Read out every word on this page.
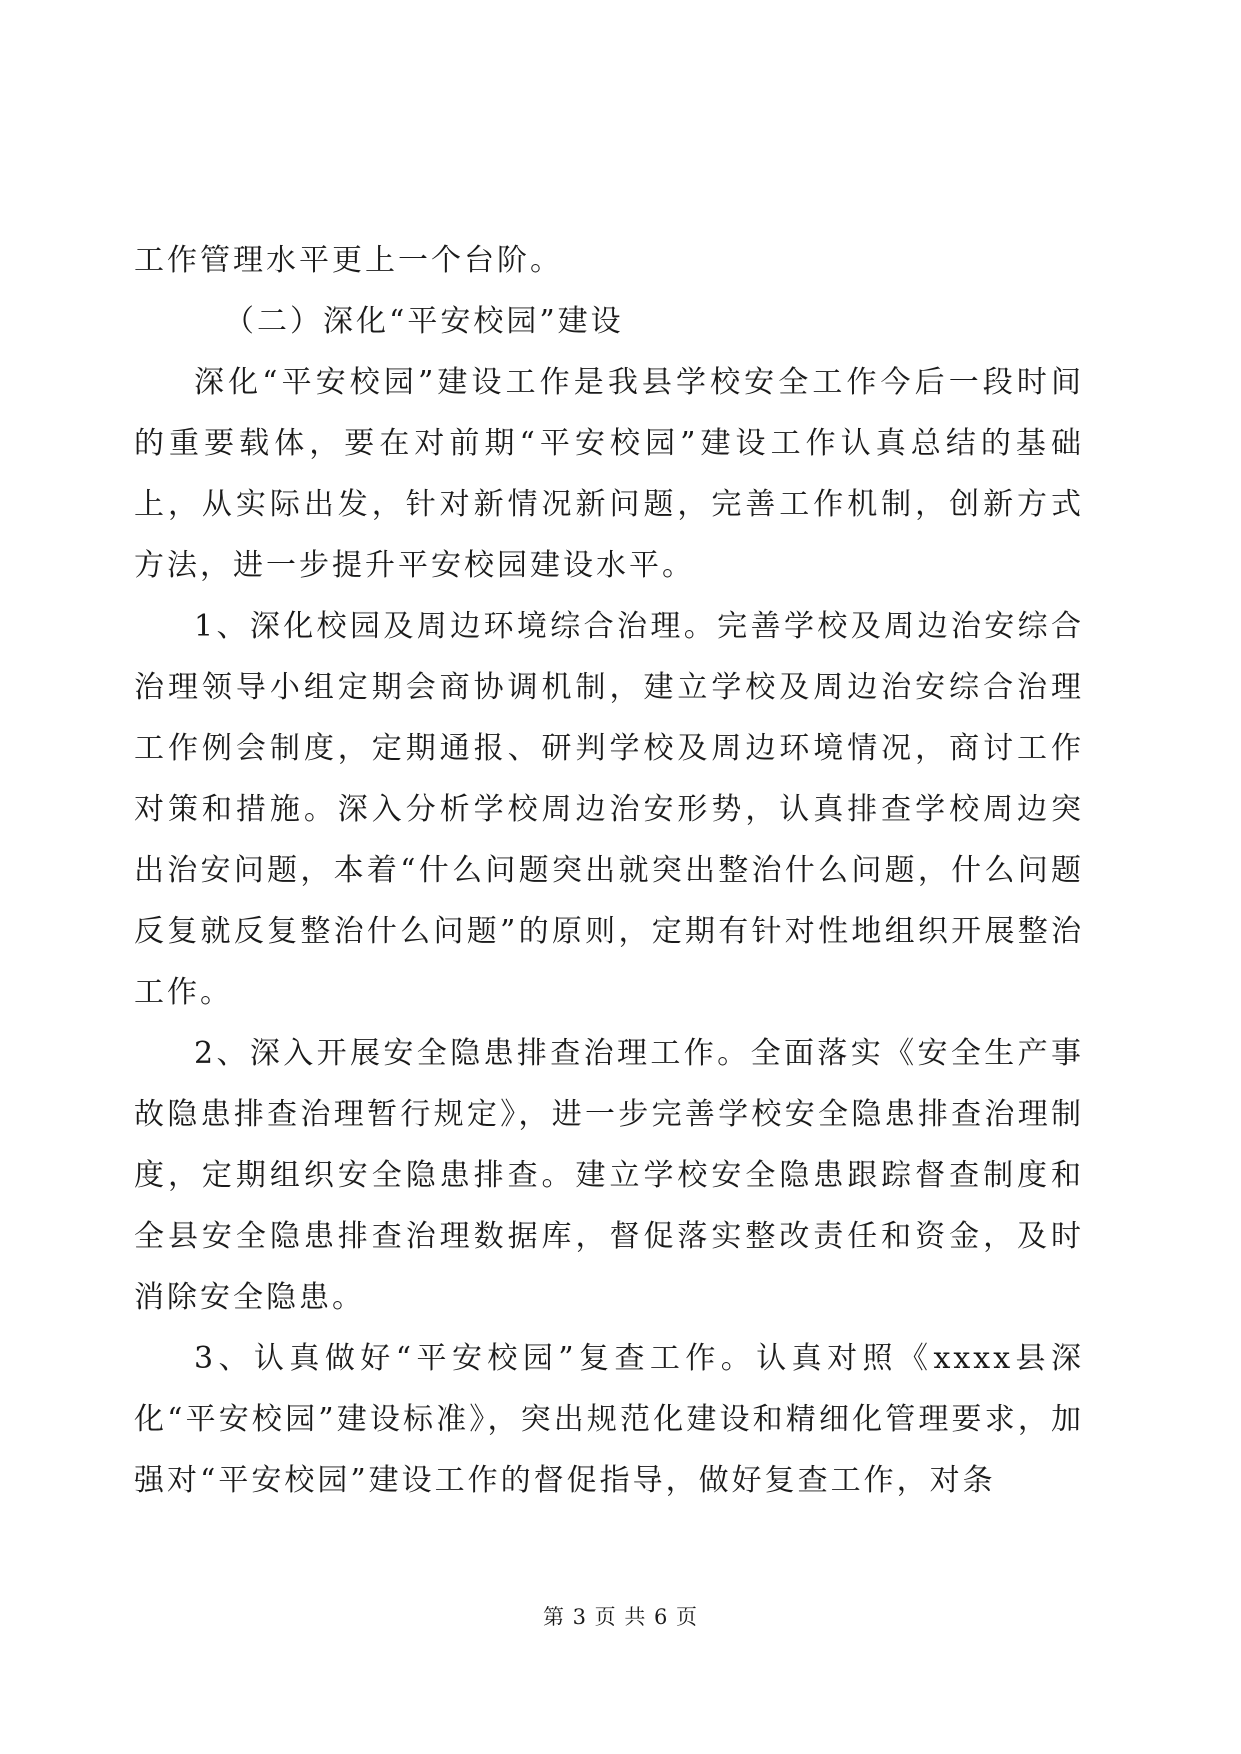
工作管理水平更上一个台阶。

（二）深化“平安校园”建设

深化“平安校园”建设工作是我县学校安全工作今后一段时间的重要载体，要在对前期“平安校园”建设工作认真总结的基础上，从实际出发，针对新情况新问题，完善工作机制，创新方式方法，进一步提升平安校园建设水平。

1、深化校园及周边环境综合治理。完善学校及周边治安综合治理领导小组定期会商协调机制，建立学校及周边治安综合治理工作例会制度，定期通报、研判学校及周边环境情况，商讨工作对策和措施。深入分析学校周边治安形势，认真排查学校周边突出治安问题，本着“什么问题突出就突出整治什么问题，什么问题反复就反复整治什么问题”的原则，定期有针对性地组织开展整治工作。

2、深入开展安全隐患排查治理工作。全面落实《安全生产事故隐患排查治理暂行规定》，进一步完善学校安全隐患排查治理制度，定期组织安全隐患排查。建立学校安全隐患跟踪督查制度和全县安全隐患排查治理数据库，督促落实整改责任和资金，及时消除安全隐患。

3、认真做好“平安校园”复查工作。认真对照《xxxx县深化“平安校园”建设标准》，突出规范化建设和精细化管理要求，加强对“平安校园”建设工作的督促指导，做好复查工作，对条

第 3 页 共 6 页
